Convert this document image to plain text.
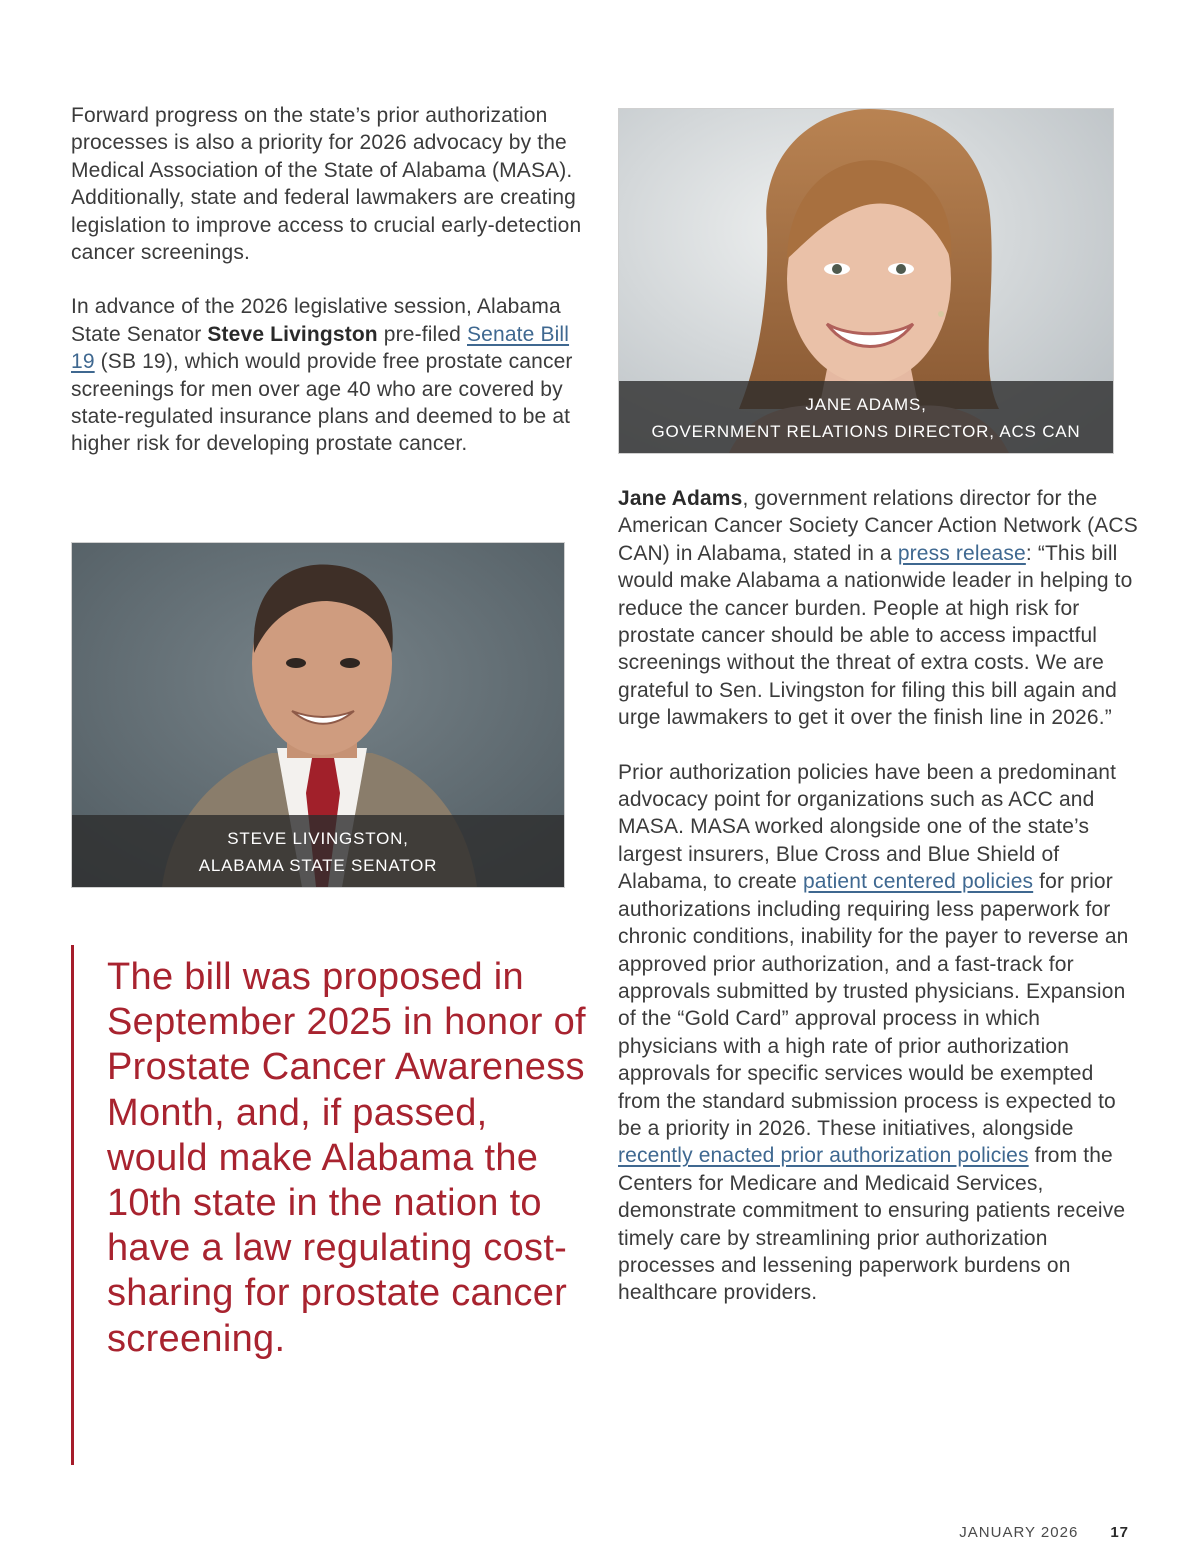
Forward progress on the state’s prior authorization processes is also a priority for 2026 advocacy by the Medical Association of the State of Alabama (MASA). Additionally, state and federal lawmakers are creating legislation to improve access to crucial early-detection cancer screenings.

In advance of the 2026 legislative session, Alabama State Senator Steve Livingston pre-filed Senate Bill 19 (SB 19), which would provide free prostate cancer screenings for men over age 40 who are covered by state-regulated insurance plans and deemed to be at higher risk for developing prostate cancer.

JANE ADAMS,
GOVERNMENT RELATIONS DIRECTOR, ACS CAN
STEVE LIVINGSTON,
ALABAMA STATE SENATOR

The bill was proposed in September 2025 in honor of Prostate Cancer Awareness Month, and, if passed, would make Alabama the 10th state in the nation to have a law regulating cost-sharing for prostate cancer screening.

Jane Adams, government relations director for the American Cancer Society Cancer Action Network (ACS CAN) in Alabama, stated in a press release: “This bill would make Alabama a nationwide leader in helping to reduce the cancer burden. People at high risk for prostate cancer should be able to access impactful screenings without the threat of extra costs. We are grateful to Sen. Livingston for filing this bill again and urge lawmakers to get it over the finish line in 2026.”

Prior authorization policies have been a predominant advocacy point for organizations such as ACC and MASA. MASA worked alongside one of the state’s largest insurers, Blue Cross and Blue Shield of Alabama, to create patient centered policies for prior authorizations including requiring less paperwork for chronic conditions, inability for the payer to reverse an approved prior authorization, and a fast-track for approvals submitted by trusted physicians. Expansion of the “Gold Card” approval process in which physicians with a high rate of prior authorization approvals for specific services would be exempted from the standard submission process is expected to be a priority in 2026. These initiatives, alongside recently enacted prior authorization policies from the Centers for Medicare and Medicaid Services, demonstrate commitment to ensuring patients receive timely care by streamlining prior authorization processes and lessening paperwork burdens on healthcare providers.

JANUARY 2026 17
